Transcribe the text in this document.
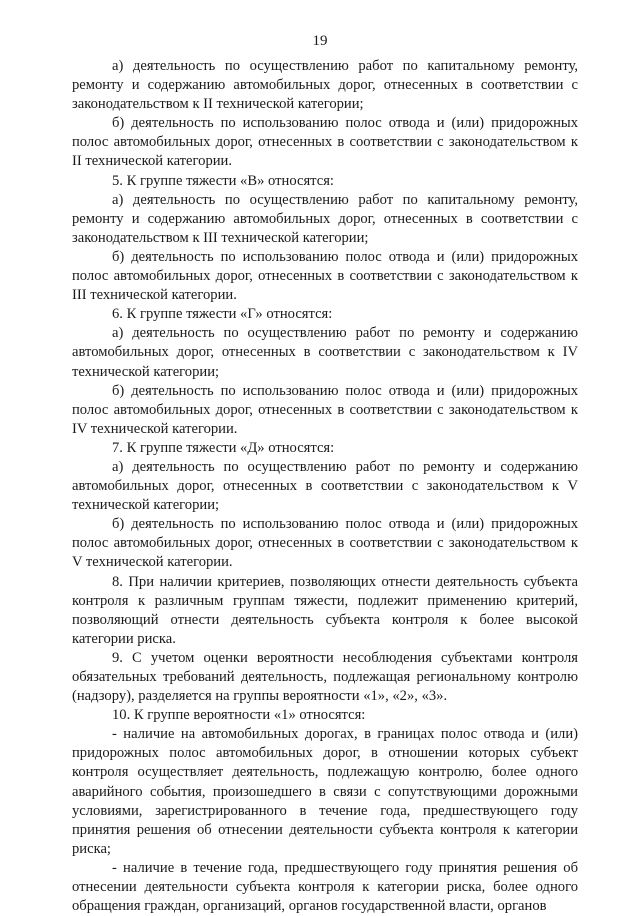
19

а) деятельность по осуществлению работ по капитальному ремонту, ремонту и содержанию автомобильных дорог, отнесенных в соответствии с законодательством к II технической категории;

б) деятельность по использованию полос отвода и (или) придорожных полос автомобильных дорог, отнесенных в соответствии с законодательством к II технической категории.

5. К группе тяжести «В» относятся:

а) деятельность по осуществлению работ по капитальному ремонту, ремонту и содержанию автомобильных дорог, отнесенных в соответствии с законодательством к III технической категории;

б) деятельность по использованию полос отвода и (или) придорожных полос автомобильных дорог, отнесенных в соответствии с законодательством к III технической категории.

6. К группе тяжести «Г» относятся:

а) деятельность по осуществлению работ по ремонту и содержанию автомобильных дорог, отнесенных в соответствии с законодательством к IV технической категории;

б) деятельность по использованию полос отвода и (или) придорожных полос автомобильных дорог, отнесенных в соответствии с законодательством к IV технической категории.

7. К группе тяжести «Д» относятся:

а) деятельность по осуществлению работ по ремонту и содержанию автомобильных дорог, отнесенных в соответствии с законодательством к V технической категории;

б) деятельность по использованию полос отвода и (или) придорожных полос автомобильных дорог, отнесенных в соответствии с законодательством к V технической категории.

8. При наличии критериев, позволяющих отнести деятельность субъекта контроля к различным группам тяжести, подлежит применению критерий, позволяющий отнести деятельность субъекта контроля к более высокой категории риска.

9. С учетом оценки вероятности несоблюдения субъектами контроля обязательных требований деятельность, подлежащая региональному контролю (надзору), разделяется на группы вероятности «1», «2», «3».

10. К группе вероятности «1» относятся:

- наличие на автомобильных дорогах, в границах полос отвода и (или) придорожных полос автомобильных дорог, в отношении которых субъект контроля осуществляет деятельность, подлежащую контролю, более одного аварийного события, произошедшего в связи с сопутствующими дорожными условиями, зарегистрированного в течение года, предшествующего году принятия решения об отнесении деятельности субъекта контроля к категории риска;

- наличие в течение года, предшествующего году принятия решения об отнесении деятельности субъекта контроля к категории риска, более одного обращения граждан, организаций, органов государственной власти, органов
